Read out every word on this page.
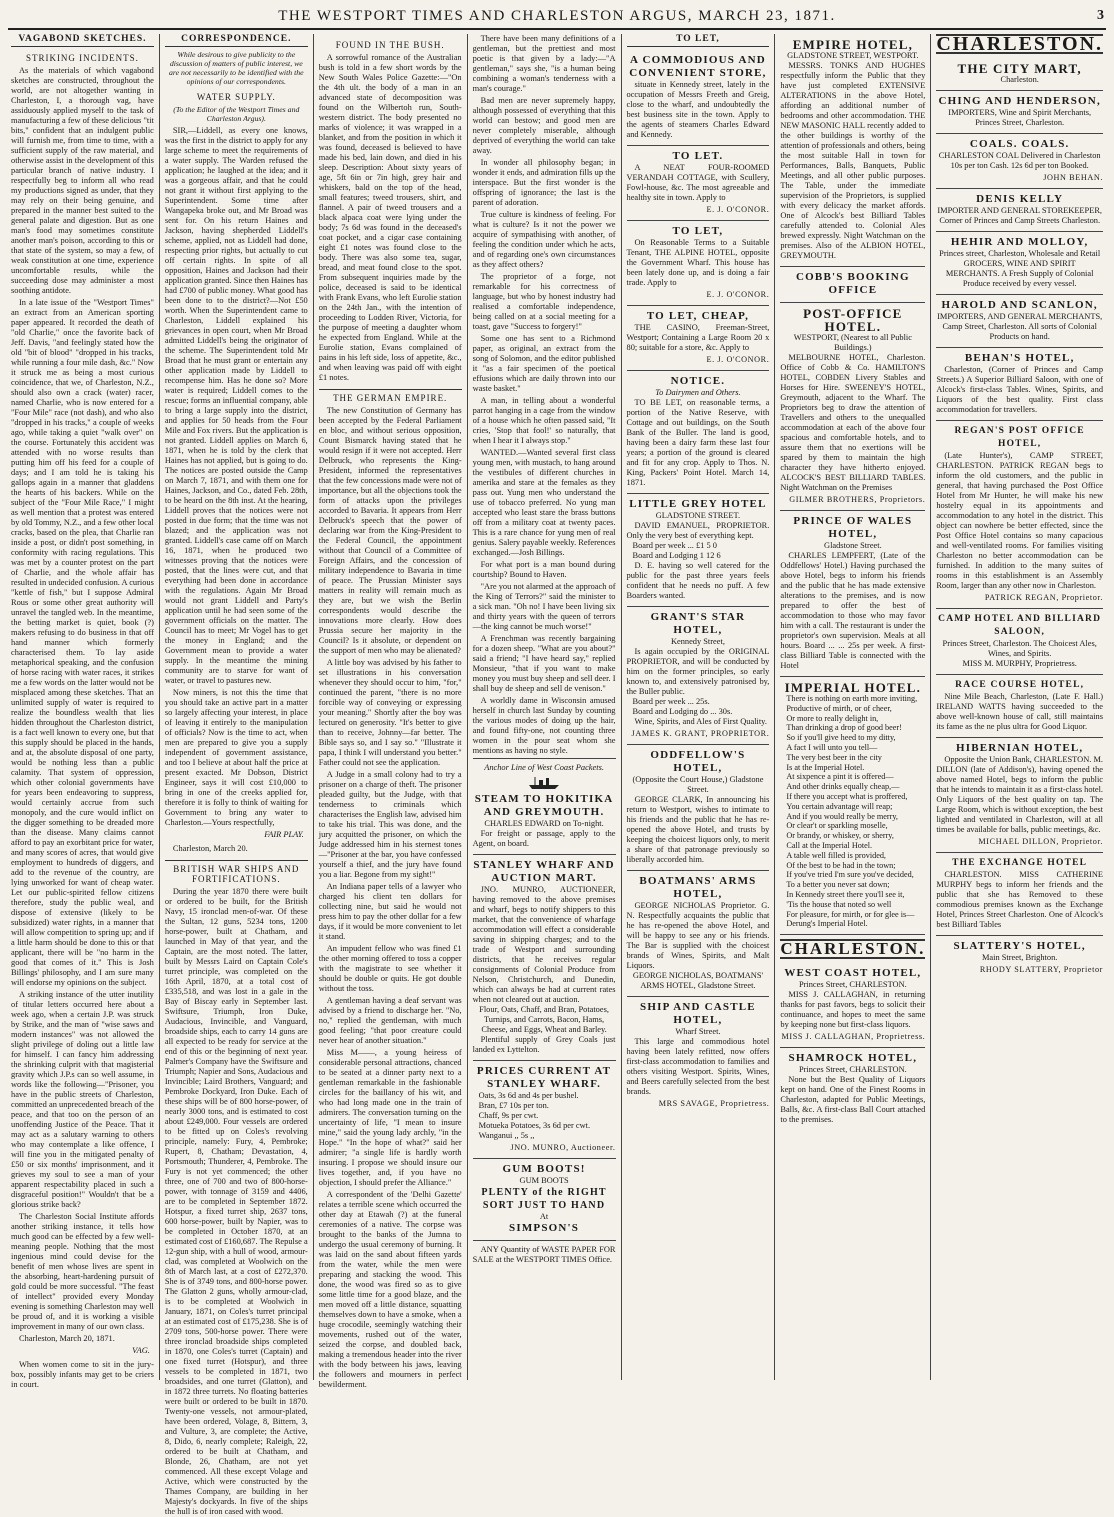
THE WESTPORT TIMES AND CHARLESTON ARGUS, MARCH 23, 1871.	3
VAGABOND SKETCHES.
STRIKING INCIDENTS.

As the materials of which vagabond sketches are constructed, throughout the world, are not altogether wanting in Charleston, I, a thorough vag, have assiduously applied myself to the task of manufacturing a few of these delicious "tit bits," confident that an indulgent public will furnish me, from time to time, with a sufficient supply of the raw material, and otherwise assist in the development of this particular branch of native industry. I respectfully beg to inform all who read my productions signed as under, that they may rely on their being genuine, and prepared in the manner best suited to the general palate and digestion. But as one man's food may sometimes constitute another man's poison, according to this or that state of the system, so may a few, of weak constitution at one time, experience uncomfortable results, while the succeeding dose may administer a most soothing antidote.

In a late issue of the "Westport Times" an extract from an American sporting paper appeared. It recorded the death of "old Charlie," once the favorite back of Jeff. Davis, "and feelingly stated how the old "bit of blood" "dropped in his tracks, while running a four mile dash, &c." Now it struck me as being a most curious coincidence, that we, of Charleston, N.Z., should also own a crack (water) racer, named Charlie, who is now entered for a "Four Mile" race (not dash), and who also "dropped in his tracks," a couple of weeks ago, while taking a quiet "walk over" on the course. Fortunately this accident was attended with no worse results than putting him off his feed for a couple of days; and I am told he is taking his gallops again in a manner that gladdens the hearts of his backers. While on the subject of the "Four Mile Race," I might as well mention that a protest was entered by old Tommy, N.Z., and a few other local cracks, based on the plea, that Charlie ran inside a post, or didn't post something, in conformity with racing regulations. This was met by a counter protest on the part of Charlie, and the whole affair has resulted in undecided confusion. A curious "kettle of fish," but I suppose Admiral Rous or some other great authority will unravel the tangled web. In the meantime, the betting market is quiet, book (?) makers refusing to do business in that off hand manner which formerly characterised them. To lay aside metaphorical speaking, and the confusion of horse racing with water races, it strikes me a few words on the latter would not be misplaced among these sketches. That an unlimited supply of water is required to realize the boundless wealth that lies hidden throughout the Charleston district, is a fact well known to every one, but that this supply should be placed in the hands, and at, the absolute disposal of one party, would be nothing less than a public calamity. That system of oppression, which other colonial governments have for years been endeavoring to suppress, would certainly accrue from such monopoly, and the cure would inflict on the digger something to be dreaded more than the disease. Many claims cannot afford to pay an exorbitant price for water, and many scores of acres, that would give employment to hundreds of diggers, and add to the revenue of the country, are lying unworked for want of cheap water. Let our public-spirited fellow citizens therefore, study the public weal, and dispose of extensive (likely to be subsidized) water rights, in a manner that will allow competition to spring up; and if a little harm should be done to this or that applicant, there will be "no harm in the good that comes of it." This is Josh Billings' philosophy, and I am sure many will endorse my opinions on the subject.

A striking instance of the utter inutility of titular letters occurred here about a week ago, when a certain J.P. was struck by Strike, and the man of "wise saws and modern instances" was not allowed the slight privilege of doling out a little law for himself. I can fancy him addressing the shrinking culprit with that magisterial gravity which J.P.s can so well assume, in words like the following—"Prisoner, you have in the public streets of Charleston, committed an unprecedented breach of the peace, and that too on the person of an unoffending Justice of the Peace. That it may act as a salutary warning to others who may contemplate a like offence, I will fine you in the mitigated penalty of £50 or six months' imprisonment, and it grieves my soul to see a man of your apparent respectability placed in such a disgraceful position!" Wouldn't that be a glorious strike back?

The Charleston Social Institute affords another striking instance, it tells how much good can be effected by a few well-meaning people. Nothing that the most ingenious mind could devise for the benefit of men whose lives are spent in the absorbing, heart-hardening pursuit of gold could be more successful. "The feast of intellect" provided every Monday evening is something Charleston may well be proud of, and it is working a visible improvement in many of our own class.

Charleston, March 20, 1871.
VAG.

When women come to sit in the jury-box, possibly infants may get to be criers in court.

CORRESPONDENCE.
While desirous to give publicity to the discussion of matters of public interest, we are not necessarily to be identified with the opinions of our correspondents.
WATER SUPPLY.
(To the Editor of the Westport Times and Charleston Argus).

SIR,—Liddell, as every one knows, was the first in the district to apply for any large scheme to meet the requirements of a water supply. The Warden refused the application; he laughed at the idea; and it was a gorgeous affair, and that he could not grant it without first applying to the Superintendent. Some time after Wangapeka broke out, and Mr Broad was sent for. On his return Haines and Jackson, having shepherded Liddell's scheme, applied, not as Liddell had done, respecting prior rights, but actually to cut off certain rights. In spite of all opposition, Haines and Jackson had their application granted. Since then Haines has had £700 of public money. What good has been done to to the district?—Not £50 worth. When the Superintendent came to Charleston, Liddell explained his grievances in open court, when Mr Broad admitted Liddell's being the originator of the scheme. The Superintendent told Mr Broad that he must grant or entertain any other application made by Liddell to recompense him. Has he done so? More water is required; Liddell comes to the rescue; forms an influential company, able to bring a large supply into the district, and applies for 50 heads from the Four Mile and Fox rivers. But the application is not granted. Liddell applies on March 6, 1871, when he is told by the clerk that Haines has not applied, but is going to do. The notices are posted outside the Camp on March 7, 1871, and with them one for Haines, Jackson, and Co., dated Feb. 28th, to be heard on the 8th inst. At the hearing, Liddell proves that the notices were not posted in due form; that the time was not blazed; and the application was not granted. Liddell's case came off on March 16, 1871, when he produced two witnesses proving that the notices were posted, that the lines were cut, and that everything had been done in accordance with the regulations. Again Mr Broad would not grant Liddell and Party's application until he had seen some of the government officials on the matter. The Council has to meet; Mr Vogel has to get the money in England; and the Government mean to provide a water supply. In the meantime the mining community are to starve for want of water, or travel to pastures new.

Now miners, is not this the time that you should take an active part in a matter so largely affecting your interest, in place of leaving it entirely to the manipulation of officials? Now is the time to act, when men are prepared to give you a supply independent of government assistance, and too I believe at about half the price at present exacted. Mr Dobson, District Engineer, says it will cost £10,000 to bring in one of the creeks applied for, therefore it is folly to think of waiting for Government to bring any water to Charleston.—Yours respectfully,

FAIR PLAY.
Charleston, March 20.
BRITISH WAR SHIPS AND FORTIFICATIONS.

During the year 1870 there were built or ordered to be built, for the British Navy, 15 ironclad men-of-war. Of these the Sultan, 12 guns, 5234 tons, 1200 horse-power, built at Chatham, and launched in May of that year, and the Captain, are the most noted. The latter, built by Messrs Laird on Captain Cole's turret principle, was completed on the 16th April, 1870, at a total cost of £335,518, and was lost in a gale in the Bay of Biscay early in September last. Swiftsure, Triumph, Iron Duke, Audacious, Invincible, and Vanguard, broadside ships, each to carry 14 guns are all expected to be ready for service at the end of this or the beginning of next year. Palmer's Company have the Swiftsure and Triumph; Napier and Sons, Audacious and Invincible; Laird Brothers, Vanguard; and Pembroke Dockyard, Iron Duke. Each of these ships will be of 800 horse-power, of nearly 3000 tons, and is estimated to cost about £249,000. Four vessels are ordered to be fitted up on Coles's revolving principle, namely: Fury, 4, Pembroke; Rupert, 8, Chatham; Devastation, 4, Portsmouth; Thunderer, 4, Pembroke. The Fury is not yet commenced; the other three, one of 700 and two of 800-horse-power, with tonnage of 3159 and 4406, are to be completed in September 1872. Hotspur, a fixed turret ship, 2637 tons, 600 horse-power, built by Napier, was to be completed in October 1870, at an estimated cost of £160,687. The Repulse a 12-gun ship, with a hull of wood, armour-clad, was completed at Woolwich on the 8th of March last, at a cost of £272,370. She is of 3749 tons, and 800-horse power. The Glatton 2 guns, wholly armour-clad, is to be completed at Woolwich in January, 1871, on Coles's turret principal at an estimated cost of £175,238. She is of 2709 tons, 500-horse power. There were three ironclad broadside ships completed in 1870, one Coles's turret (Captain) and one fixed turret (Hotspur), and three vessels to be completed in 1871, two broadsides, and one turret (Glatton), and in 1872 three turrets. No floating batteries were built or ordered to be built in 1870. Twenty-one vessels, not armour-plated, have been ordered, Volage, 8, Bittern, 3, and Vulture, 3, are complete; the Active, 8, Dido, 6, nearly complete; Raleigh, 22, ordered to be built at Chatham, and Blonde, 26, Chatham, are not yet commenced. All these except Volage and Active, which were constructed by the Thames Company, are building in her Majesty's dockyards. In five of the ships the hull is of iron cased with wood.

FOUND IN THE BUSH.

A sorrowful romance of the Australian bush is told in a few short words by the New South Wales Police Gazette:—"On the 4th ult. the body of a man in an advanced state of decomposition was found on the Wilbertoh run, South-western district. The body presented no marks of violence; it was wrapped in a blanket, and from the position in which it was found, deceased is believed to have made his bed, lain down, and died in his sleep. Description: About sixty years of age, 5ft 6in or 7in high, grey hair and whiskers, bald on the top of the head, small features; tweed trousers, shirt, and flannel. A pair of tweed trousers and a black alpaca coat were lying under the body; 7s 6d was found in the deceased's coat pocket, and a cigar case containing eight £1 notes was found close to the body. There was also some tea, sugar, bread, and meat found close to the spot. From subsequent inquiries made by the police, deceased is said to be identical with Frank Evans, who left Eurolie station on the 24th Jan., with the intention of proceeding to Lodden River, Victoria, for the purpose of meeting a daughter whom he expected from England. While at the Eurolie station, Evans complained of pains in his left side, loss of appetite, &c., and when leaving was paid off with eight £1 notes.

THE GERMAN EMPIRE.

The new Constitution of Germany has been accepted by the Federal Parliament en bloc, and without serious opposition, Count Bismarck having stated that he would resign if it were not accepted. Herr Delbruck, who represents the King-President, informed the representatives that the few concessions made were not of importance, but all the objections took the form of attacks upon the privileges accorded to Bavaria. It appears from Herr Delbruck's speech that the power of declaring war from the King-President to the Federal Council, the appointment without that Council of a Committee of Foreign Affairs, and the concession of military independence to Bavaria in time of peace. The Prussian Minister says matters in reality will remain much as they are, but we wish the Berlin correspondents would describe the innovations more clearly. How does Prussia secure her majority in the Council? Is it absolute, or dependent on the support of men who may be alienated?

A little boy was advised by his father to set illustrations in his conversation whenever they should occur to him, "for," continued the parent, "there is no more forcible way of conveying or expressing your meaning." Shortly after the boy was lectured on generosity. "It's better to give than to receive, Johnny—far better. The Bible says so, and I say so." "Illustrate it papa, I think I will understand you better." Father could not see the application.

A Judge in a small colony had to try a prisoner on a charge of theft. The prisoner pleaded guilty, but the Judge, with that tenderness to criminals which characterises the English law, advised him to take his trial. This was done, and the jury acquitted the prisoner, on which the Judge addressed him in his sternest tones—"Prisoner at the bar, you have confessed yourself a thief, and the jury have found you a liar. Begone from my sight!"

An Indiana paper tells of a lawyer who charged his client ten dollars for collecting nine, but said he would not press him to pay the other dollar for a few days, if it would be more convenient to let it stand.

An impudent fellow who was fined £1 the other morning offered to toss a copper with the magistrate to see whether it should be double or quits. He got double without the toss.

A gentleman having a deaf servant was advised by a friend to discharge her. "No, no," replied the gentleman, with much good feeling; "that poor creature could never hear of another situation."

Miss M——, a young heiress of considerable personal attractions, chanced to be seated at a dinner party next to a gentleman remarkable in the fashionable circles for the baillancy of his wit, and who had long made one in the train of admirers. The conversation turning on the uncertainty of life, "I mean to insure mine," said the young lady archly, "in the Hope." "In the hope of what?" said her admirer; "a single life is hardly worth insuring. I propose we should insure our lives together, and, if you have no objection, I should prefer the Alliance."

A correspondent of the 'Delhi Gazette' relates a terrible scene which occurred the other day at Etawah (?) at the funeral ceremonies of a native. The corpse was brought to the banks of the Jumna to undergo the usual ceremony of burning. It was laid on the sand about fifteen yards from the water, while the men were preparing and stacking the wood. This done, the wood was fired so as to give some little time for a good blaze, and the men moved off a little distance, squatting themselves down to have a smoke, when a huge crocodile, seemingly watching their movements, rushed out of the water, seized the corpse, and doubled back, making a tremendous header into the river with the body between his jaws, leaving the followers and mourners in perfect bewilderment.

There have been many definitions of a gentleman, but the prettiest and most poetic is that given by a lady:—"A gentleman," says she, "is a human being combining a woman's tenderness with a man's courage."

Bad men are never supremely happy, although possessed of everything that this world can bestow; and good men are never completely miserable, although deprived of everything the world can take away.

In wonder all philosophy began; in wonder it ends, and admiration fills up the interspace. But the first wonder is the offspring of ignorance; the last is the parent of adoration.

True culture is kindness of feeling. For what is culture? Is it not the power we acquire of sympathising with another, of feeling the condition under which he acts, and of regarding one's own circumstances as they affect others?

The proprietor of a forge, not remarkable for his correctness of language, but who by honest industry had realised a comfortable independence, being called on at a social meeting for a toast, gave "Success to forgery!"

Some one has sent to a Richmond paper, as original, an extract from the song of Solomon, and the editor published it "as a fair specimen of the poetical effusions which are daily thrown into our waste basket."

A man, in telling about a wonderful parrot hanging in a cage from the window of a house which he often passed said, "It cries, 'Stop that fool!' so naturally, that when I hear it I always stop."

WANTED.—Wanted several first class young men, with mustach, to hang around the vestibules of different churches in amerika and stare at the females as they pass out. Yung men who understand the use of tobacco preferred. No yung man accepted who least stare the brass buttons off from a military coat at twenty paces. This is a rare chance for yung men of real genius. Salery payable weekly. References exchanged.—Josh Billings.

For what port is a man bound during courtship? Bound to Haven.

"Are you not alarmed at the approach of the King of Terrors?" said the minister to a sick man. "Oh no! I have been living six and thirty years with the queen of terrors—the king cannot be much worse!"

A Frenchman was recently bargaining for a dozen sheep. "What are you about?" said a friend; "I have heard say," replied Monsieur, "that if you want to make money you must buy sheep and sell deer. I shall buy de sheep and sell de venison."

A worldly dame in Wisconsin amused herself in church last Sunday by counting the various modes of doing up the hair, and found fifty-one, not counting three women in the pour seat whom she mentions as having no style.

Anchor Line of West Coast Packets.
STEAM TO HOKITIKA AND GREYMOUTH.
CHARLES EDWARD on To-night.

For freight or passage, apply to the Agent, on board.

STANLEY WHARF AND AUCTION MART.

JNO. MUNRO, AUCTIONEER, having removed to the above premises and wharf, begs to notify shippers to this market, that the convenience of wharfage accommodation will effect a considerable saving in shipping charges; and to the trade of Westport and surrounding districts, that he receives regular consignments of Colonial Produce from Nelson, Christchurch, and Dunedin, which can always be had at current rates when not cleared out at auction.

Flour, Oats, Chaff, and Bran, Potatoes, Turnips, and Carrots, Bacon, Hams, Cheese, and Eggs, Wheat and Barley.

Plentiful supply of Grey Coals just landed ex Lyttelton.

PRICES CURRENT AT STANLEY WHARF.
Oats, 3s 6d and 4s per bushel.
Bran, £7 10s per ton.
Chaff, 9s per cwt.
Motueka Potatoes, 3s 6d per cwt.
Wanganui ,, 5s ,,
JNO. MUNRO, Auctioneer.
GUM BOOTS!
GUM BOOTS
PLENTY of the RIGHT SORT JUST TO HAND
At
SIMPSON'S

ANY Quantity of WASTE PAPER FOR SALE at the WESTPORT TIMES Office.

TO LET,
A COMMODIOUS AND CONVENIENT STORE,

situate in Kennedy street, lately in the occupation of Messrs Freeth and Greig, close to the wharf, and undoubtedly the best business site in the town. Apply to the agents of steamers Charles Edward and Kennedy.

TO LET.

A NEAT FOUR-ROOMED VERANDAH COTTAGE, with Scullery, Fowl-house, &c. The most agreeable and healthy site in town. Apply to

E. J. O'CONOR.
TO LET,

On Reasonable Terms to a Suitable Tenant, THE ALPINE HOTEL, opposite the Government Wharf. This house has been lately done up, and is doing a fair trade. Apply to

E. J. O'CONOR.
TO LET, CHEAP,

THE CASINO, Freeman-Street, Westport; Containing a Large Room 20 x 80; suitable for a store, &c. Apply to

E. J. O'CONOR.
NOTICE.
To Dairymen and Others.

TO BE LET, on reasonable terms, a portion of the Native Reserve, with Cottage and out buildings, on the South Bank of the Buller. The land is good, having been a dairy farm these last four years; a portion of the ground is cleared and fit for any crop. Apply to Thos. N. King, Packers' Point Hotel. March 14, 1871.

LITTLE GREY HOTEL
GLADSTONE STREET.

DAVID EMANUEL, PROPRIETOR. Only the very best of everything kept.

Board per week ... £1 5 0
Board and Lodging 1 12 6

D. E. having so well catered for the public for the past three years feels confident that he needs no puff. A few Boarders wanted.

GRANT'S STAR HOTEL,
Kennedy Street,

Is again occupied by the ORIGINAL PROPRIETOR, and will be conducted by him on the former principles, so early known to, and extensively patronised by, the Buller public.

Board per week ... 25s.
Board and Lodging do ... 30s.

Wine, Spirits, and Ales of First Quality.

JAMES K. GRANT, PROPRIETOR.
ODDFELLOW'S HOTEL,
(Opposite the Court House,) Gladstone Street.

GEORGE CLARK, In announcing his return to Westport, wishes to intimate to his friends and the public that he has re-opened the above Hotel, and trusts by keeping the choicest liquors only, to merit a share of that patronage previously so liberally accorded him.

BOATMANS' ARMS HOTEL,

GEORGE NICHOLAS Proprietor. G. N. Respectfully acquaints the public that he has re-opened the above Hotel, and will be happy to see any or his friends. The Bar is supplied with the choicest brands of Wines, Spirits, and Malt Liquors.

GEORGE NICHOLAS, BOATMANS' ARMS HOTEL, Gladstone Street.
SHIP AND CASTLE HOTEL,
Wharf Street.

This large and commodious hotel having been lately refitted, now offers first-class accommodation to families and others visiting Westport. Spirits, Wines, and Beers carefully selected from the best brands.

MRS SAVAGE, Proprietress.
EMPIRE HOTEL,
GLADSTONE STREET, WESTPORT.

MESSRS. TONKS AND HUGHES respectfully inform the Public that they have just completed EXTENSIVE ALTERATIONS in the above Hotel, affording an additional number of bedrooms and other accommodation. THE NEW MASONIC HALL recently added to the other buildings is worthy of the attention of professionals and others, being the most suitable Hall in town for Performances, Balls, Banquets, Public Meetings, and all other public purposes. The Table, under the immediate supervision of the Proprietors, is supplied with every delicacy the market affords. One of Alcock's best Billiard Tables carefully attended to. Colonial Ales brewed expressly. Night Watchman on the premises. Also of the ALBION HOTEL, GREYMOUTH.

COBB'S BOOKING OFFICE
POST-OFFICE HOTEL.
WESTPORT, (Nearest to all Public Buildings.)

MELBOURNE HOTEL, Charleston. Office of Cobb & Co. HAMILTON'S HOTEL, COBDEN Livery Stables and Horses for Hire. SWEENEY'S HOTEL, Greymouth, adjacent to the Wharf. The Proprietors beg to draw the attention of Travellers and others to the unequalled accommodation at each of the above four spacious and comfortable hotels, and to assure them that no exertions will be spared by them to maintain the high character they have hitherto enjoyed. ALCOCK'S BEST BILLIARD TABLES. Night Watchman on the Premises

GILMER BROTHERS, Proprietors.
PRINCE OF WALES HOTEL,
Gladstone Street.

CHARLES LEMPFERT, (Late of the Oddfellows' Hotel.) Having purchased the above Hotel, begs to inform his friends and the public that he has made extensive alterations to the premises, and is now prepared to offer the best of accommodation to those who may favor him with a call. The restaurant is under the proprietor's own supervision. Meals at all hours. Board ... ... 25s per week. A first-class Billiard Table is connected with the Hotel

IMPERIAL HOTEL.
There is nothing on earth more inviting,
Productive of mirth, or of cheer,
Or more to really delight in,
Than drinking a drop of good beer!
So if you'll give heed to my ditty,
A fact I will unto you tell—
The very best beer in the city
Is at the Imperial Hotel.
At sixpence a pint it is offered—
And other drinks equally cheap,—
If there you accept what is proffered,
You certain advantage will reap;
And if you would really be merry,
Or clear't or sparkling moselle,
Or brandy, or whiskey, or sherry,
Call at the Imperial Hotel.
A table well filled is provided,
Of the best to be had in the town;
If you've tried I'm sure you've decided,
To a better you never sat down;
In Kennedy street there you'll see it,
'Tis the house that noted so well
For pleasure, for mirth, or for glee is—
Derung's Imperial Hotel.
CHARLESTON.
WEST COAST HOTEL,
Princes Street, CHARLESTON.

MISS J. CALLAGHAN, in returning thanks for past favors, begs to solicit their continuance, and hopes to meet the same by keeping none but first-class liquors.

MISS J. CALLAGHAN, Proprietress.
SHAMROCK HOTEL,
Princes Street, CHARLESTON.

None but the Best Quality of Liquors kept on hand. One of the Finest Rooms in Charleston, adapted for Public Meetings, Balls, &c. A first-class Ball Court attached to the premises.

CHARLESTON.
THE CITY MART,
Charleston.
CHING AND HENDERSON,
IMPORTERS, Wine and Spirit Merchants, Princes Street, Charleston.
COALS. COALS.
CHARLESTON COAL Delivered in Charleston 10s per ton Cash. 12s 6d per ton Booked.
JOHN BEHAN.
DENIS KELLY
IMPORTER AND GENERAL STOREKEEPER, Corner of Princes and Camp Streets Charleston.
HEHIR AND MOLLOY,
Princes street, Charleston, Wholesale and Retail GROCERS, WINE AND SPIRIT MERCHANTS. A Fresh Supply of Colonial Produce received by every vessel.
HAROLD AND SCANLON,
IMPORTERS, AND GENERAL MERCHANTS, Camp Street, Charleston. All sorts of Colonial Products on hand.
BEHAN'S HOTEL,

Charleston, (Corner of Princes and Camp Streets.) A Superior Billiard Saloon, with one of Alcock's first-class Tables. Wines, Spirits, and Liquors of the best quality. First class accommodation for travellers.

REGAN'S POST OFFICE HOTEL,

(Late Hunter's), CAMP STREET, CHARLESTON. PATRICK REGAN begs to inform the old customers, and the public in general, that having purchased the Post Office Hotel from Mr Hunter, he will make his new hostelry equal in its appointments and accommodation to any hotel in the district. This object can nowhere be better effected, since the Post Office Hotel contains so many capacious and well-ventilated rooms. For families visiting Charleston no better accommodation can be furnished. In addition to the many suites of rooms in this establishment is an Assembly Room, larger than any other now in Charleston.

PATRICK REGAN, Proprietor.
CAMP HOTEL AND BILLIARD SALOON,
Princes Street, Charleston. The Choicest Ales, Wines, and Spirits.
MISS M. MURPHY, Proprietress.
RACE COURSE HOTEL,

Nine Mile Beach, Charleston, (Late F. Hall.) IRELAND WATTS having succeeded to the above well-known house of call, still maintains its fame as the ne plus ultra for Good Liquor.

HIBERNIAN HOTEL,

Opposite the Union Bank, CHARLESTON. M. DILLON (late of Addison's), having opened the above named Hotel, begs to inform the public that he intends to maintain it as a first-class hotel. Only Liquors of the best quality on tap. The Large Room, which is without exception, the best lighted and ventilated in Charleston, will at all times be available for balls, public meetings, &c.

MICHAEL DILLON, Proprietor.
THE EXCHANGE HOTEL

CHARLESTON. MISS CATHERINE MURPHY begs to inform her friends and the public that she has Removed to these commodious premises known as the Exchange Hotel, Princes Street Charleston. One of Alcock's best Billiard Tables

SLATTERY'S HOTEL,
Main Street, Brighton.
RHODY SLATTERY, Proprietor
